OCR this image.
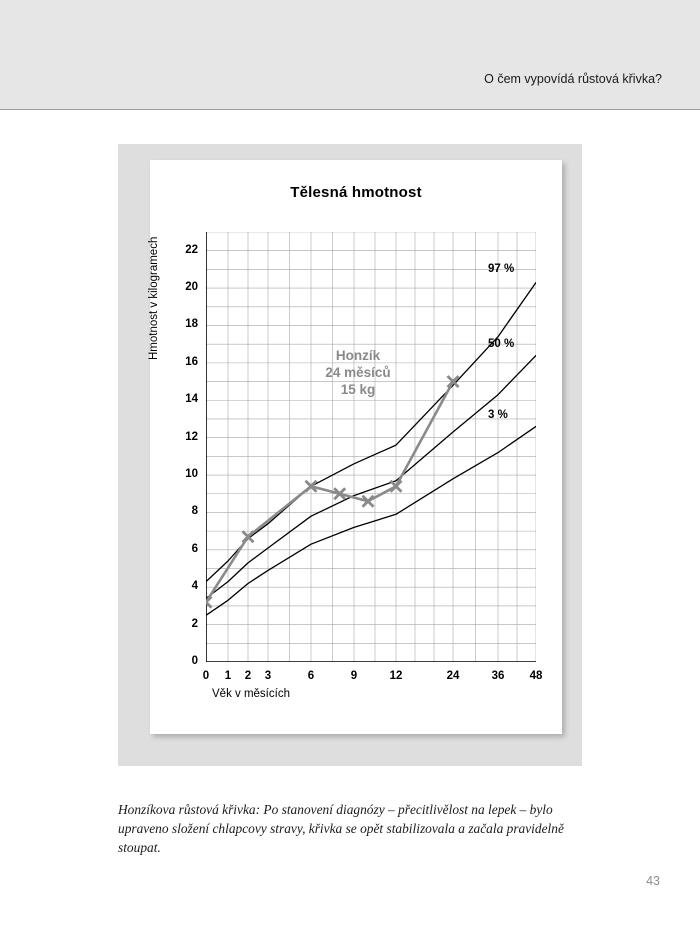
O čem vypovídá růstová křivka?
Tělesná hmotnost
Hmotnost v kilogramech
Věk v měsících
Honzík 24 měsíců 15 kg
0
2
4
6
8
10
12
14
16
18
20
22
0	1	2	3	6	9	12	24	36	48
97 %
50 %
3 %
Honzíkova růstová křivka: Po stanovení diagnózy – přecitlivělost na lepek – bylo upraveno složení chlapcovy stravy, křivka se opět stabilizovala a začala pravidelně stoupat.
43
